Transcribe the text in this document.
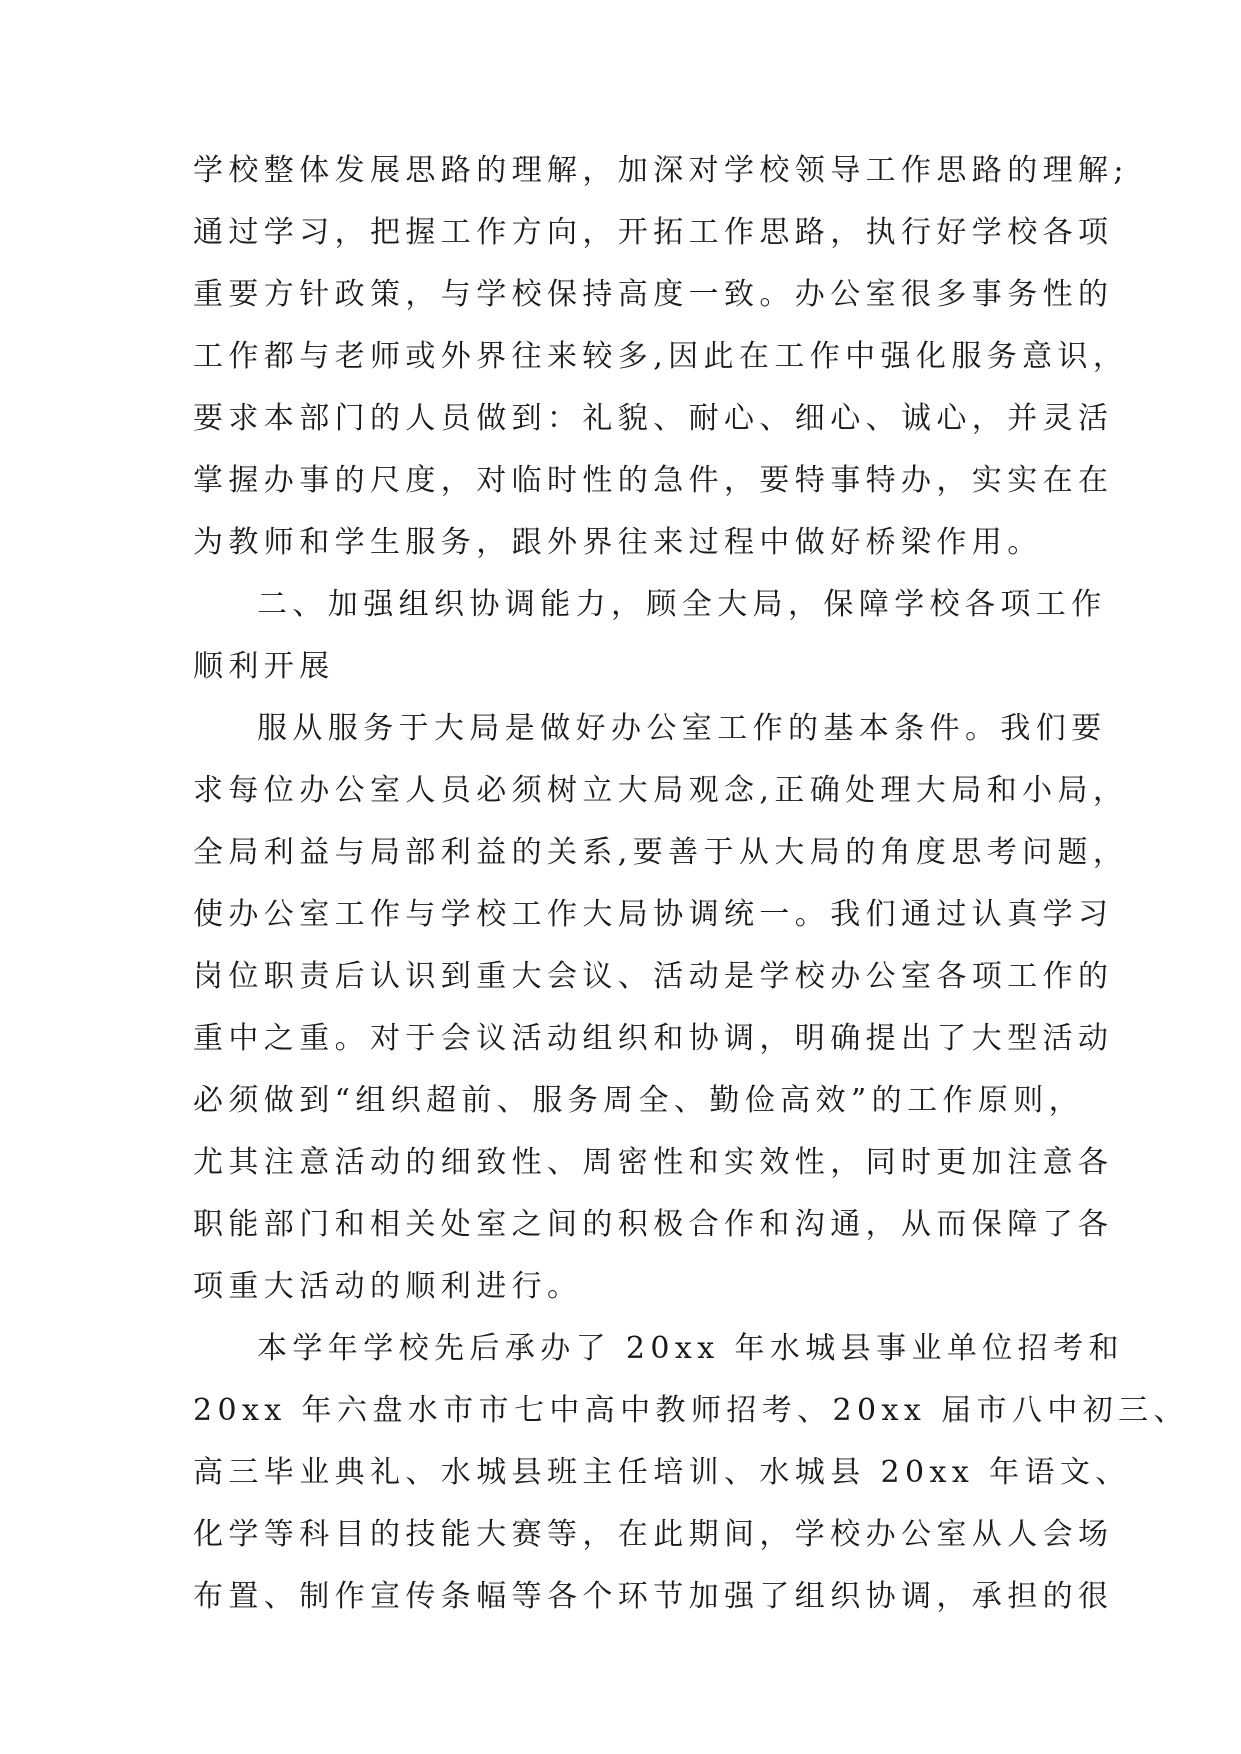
学校整体发展思路的理解，加深对学校领导工作思路的理解;
通过学习，把握工作方向，开拓工作思路，执行好学校各项
重要方针政策，与学校保持高度一致。办公室很多事务性的
工作都与老师或外界往来较多,因此在工作中强化服务意识，
要求本部门的人员做到：礼貌、耐心、细心、诚心，并灵活
掌握办事的尺度，对临时性的急件，要特事特办，实实在在
为教师和学生服务，跟外界往来过程中做好桥梁作用。
二、加强组织协调能力，顾全大局，保障学校各项工作
顺利开展
服从服务于大局是做好办公室工作的基本条件。我们要
求每位办公室人员必须树立大局观念,正确处理大局和小局，
全局利益与局部利益的关系,要善于从大局的角度思考问题，
使办公室工作与学校工作大局协调统一。我们通过认真学习
岗位职责后认识到重大会议、活动是学校办公室各项工作的
重中之重。对于会议活动组织和协调，明确提出了大型活动
必须做到“组织超前、服务周全、勤俭高效”的工作原则，
尤其注意活动的细致性、周密性和实效性，同时更加注意各
职能部门和相关处室之间的积极合作和沟通，从而保障了各
项重大活动的顺利进行。
本学年学校先后承办了 20xx 年水城县事业单位招考和
20xx 年六盘水市市七中高中教师招考、20xx 届市八中初三、
高三毕业典礼、水城县班主任培训、水城县 20xx 年语文、
化学等科目的技能大赛等，在此期间，学校办公室从人会场
布置、制作宣传条幅等各个环节加强了组织协调，承担的很
